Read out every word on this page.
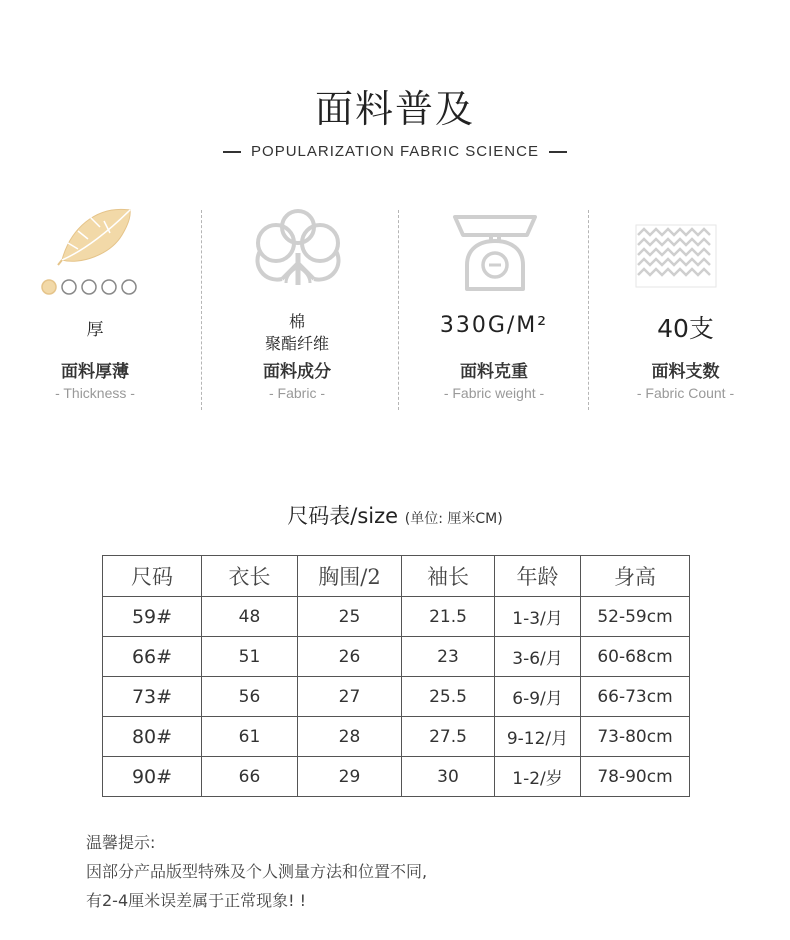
面料普及
POPULARIZATION FABRIC SCIENCE
厚
面料厚薄
- Thickness -
棉
聚酯纤维
面料成分
- Fabric -
330G/M²
面料克重
- Fabric weight -
40支
面料支数
- Fabric Count -
尺码表/size (单位: 厘米CM)
尺码	衣长	胸围/2	袖长	年龄	身高
59#	48	25	21.5	1-3/月	52-59cm
66#	51	26	23	3-6/月	60-68cm
73#	56	27	25.5	6-9/月	66-73cm
80#	61	28	27.5	9-12/月	73-80cm
90#	66	29	30	1-2/岁	78-90cm
温馨提示:
因部分产品版型特殊及个人测量方法和位置不同,
有2-4厘米误差属于正常现象! !
